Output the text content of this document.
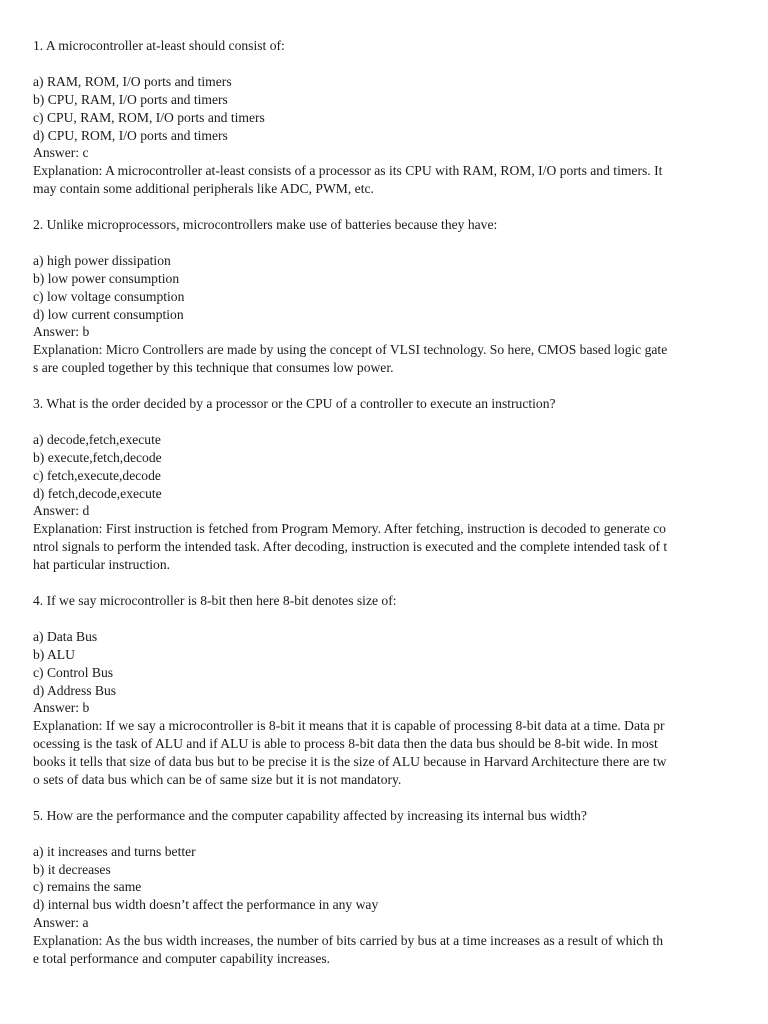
1. A microcontroller at-least should consist of:
a) RAM, ROM, I/O ports and timers
b) CPU, RAM, I/O ports and timers
c) CPU, RAM, ROM, I/O ports and timers
d) CPU, ROM, I/O ports and timers
Answer: c
Explanation: A microcontroller at-least consists of a processor as its CPU with RAM, ROM, I/O ports and timers. It
may contain some additional peripherals like ADC, PWM, etc.
2. Unlike microprocessors, microcontrollers make use of batteries because they have:
a) high power dissipation
b) low power consumption
c) low voltage consumption
d) low current consumption
Answer: b
Explanation: Micro Controllers are made by using the concept of VLSI technology. So here, CMOS based logic gate
s are coupled together by this technique that consumes low power.
3. What is the order decided by a processor or the CPU of a controller to execute an instruction?
a) decode,fetch,execute
b) execute,fetch,decode
c) fetch,execute,decode
d) fetch,decode,execute
Answer: d
Explanation: First instruction is fetched from Program Memory. After fetching, instruction is decoded to generate co
ntrol signals to perform the intended task. After decoding, instruction is executed and the complete intended task of t
hat particular instruction.
4. If we say microcontroller is 8-bit then here 8-bit denotes size of:
a) Data Bus
b) ALU
c) Control Bus
d) Address Bus
Answer: b
Explanation: If we say a microcontroller is 8-bit it means that it is capable of processing 8-bit data at a time. Data pr
ocessing is the task of ALU and if ALU is able to process 8-bit data then the data bus should be 8-bit wide. In most
books it tells that size of data bus but to be precise it is the size of ALU because in Harvard Architecture there are tw
o sets of data bus which can be of same size but it is not mandatory.
5. How are the performance and the computer capability affected by increasing its internal bus width?
a) it increases and turns better
b) it decreases
c) remains the same
d) internal bus width doesn’t affect the performance in any way
Answer: a
Explanation: As the bus width increases, the number of bits carried by bus at a time increases as a result of which th
e total performance and computer capability increases.
